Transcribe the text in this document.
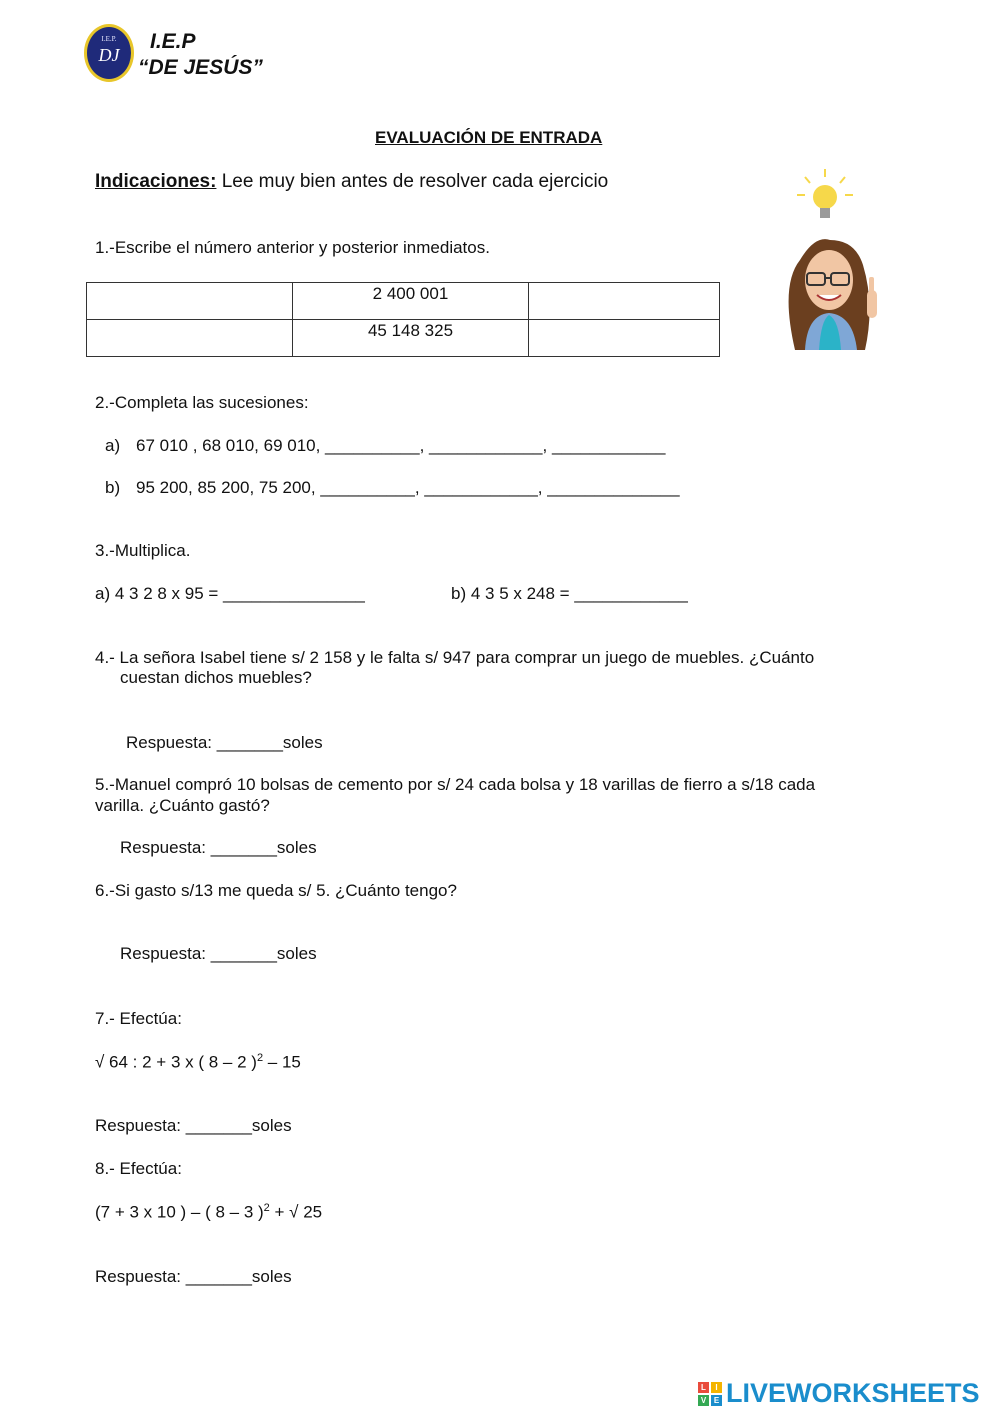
I.E.P.
DJ
I.E.P
“DE JESÚS”
EVALUACIÓN DE ENTRADA
Indicaciones: Lee muy bien antes de resolver cada ejercicio
1.-Escribe el número anterior y posterior inmediatos.
	2 400 001	
	45 148 325	
2.-Completa las sucesiones:
a) 67 010 , 68 010, 69 010, __________, ____________, ____________
b) 95 200, 85 200, 75 200, __________, ____________, ______________
3.-Multiplica.
a) 4 3 2 8 x 95 = _______________	b) 4 3 5 x 248 = ____________
4.- La señora Isabel tiene s/ 2 158 y le falta s/ 947 para comprar un juego de muebles. ¿Cuánto
cuestan dichos muebles?
Respuesta: _______soles
5.-Manuel compró 10 bolsas de cemento por s/ 24 cada bolsa y 18 varillas de fierro a s/18 cada
varilla. ¿Cuánto gastó?
Respuesta: _______soles
6.-Si gasto s/13 me queda s/ 5. ¿Cuánto tengo?
Respuesta: _______soles
7.- Efectúa:
√ 64 : 2 + 3 x ( 8 – 2 )$^2$ – 15
Respuesta: _______soles
8.- Efectúa:
(7 + 3 x 10 ) – ( 8 – 3 )$^2$ + √ 25
Respuesta: _______soles
L	I
V E LIVEWORKSHEETS
